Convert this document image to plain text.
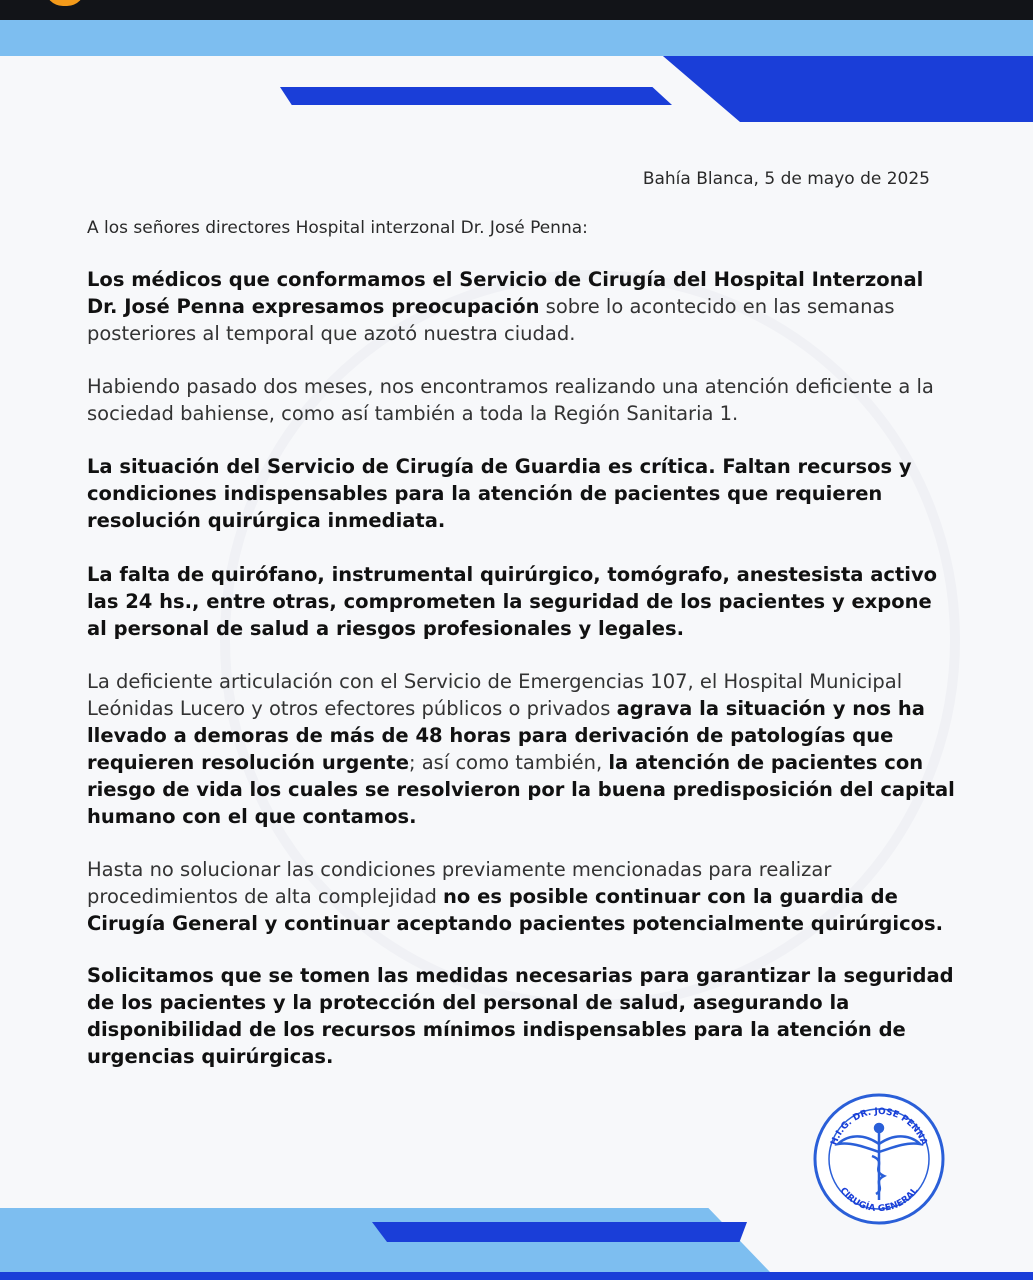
Bahía Blanca, 5 de mayo de 2025
A los señores directores Hospital interzonal Dr. José Penna:

Los médicos que conformamos el Servicio de Cirugía del Hospital Interzonal Dr. José Penna expresamos preocupación sobre lo acontecido en las semanas posteriores al temporal que azotó nuestra ciudad.

Habiendo pasado dos meses, nos encontramos realizando una atención deficiente a la sociedad bahiense, como así también a toda la Región Sanitaria 1.

La situación del Servicio de Cirugía de Guardia es crítica. Faltan recursos y condiciones indispensables para la atención de pacientes que requieren resolución quirúrgica inmediata.

La falta de quirófano, instrumental quirúrgico, tomógrafo, anestesista activo las 24 hs., entre otras, comprometen la seguridad de los pacientes y expone al personal de salud a riesgos profesionales y legales.

La deficiente articulación con el Servicio de Emergencias 107, el Hospital Municipal Leónidas Lucero y otros efectores públicos o privados agrava la situación y nos ha llevado a demoras de más de 48 horas para derivación de patologías que requieren resolución urgente; así como también, la atención de pacientes con riesgo de vida los cuales se resolvieron por la buena predisposición del capital humano con el que contamos.

Hasta no solucionar las condiciones previamente mencionadas para realizar procedimientos de alta complejidad no es posible continuar con la guardia de Cirugía General y continuar aceptando pacientes potencialmente quirúrgicos.

Solicitamos que se tomen las medidas necesarias para garantizar la seguridad de los pacientes y la protección del personal de salud, asegurando la disponibilidad de los recursos mínimos indispensables para la atención de urgencias quirúrgicas.

H.I.G. DR. JOSE PENNA
CIRUGÍA GENERAL
